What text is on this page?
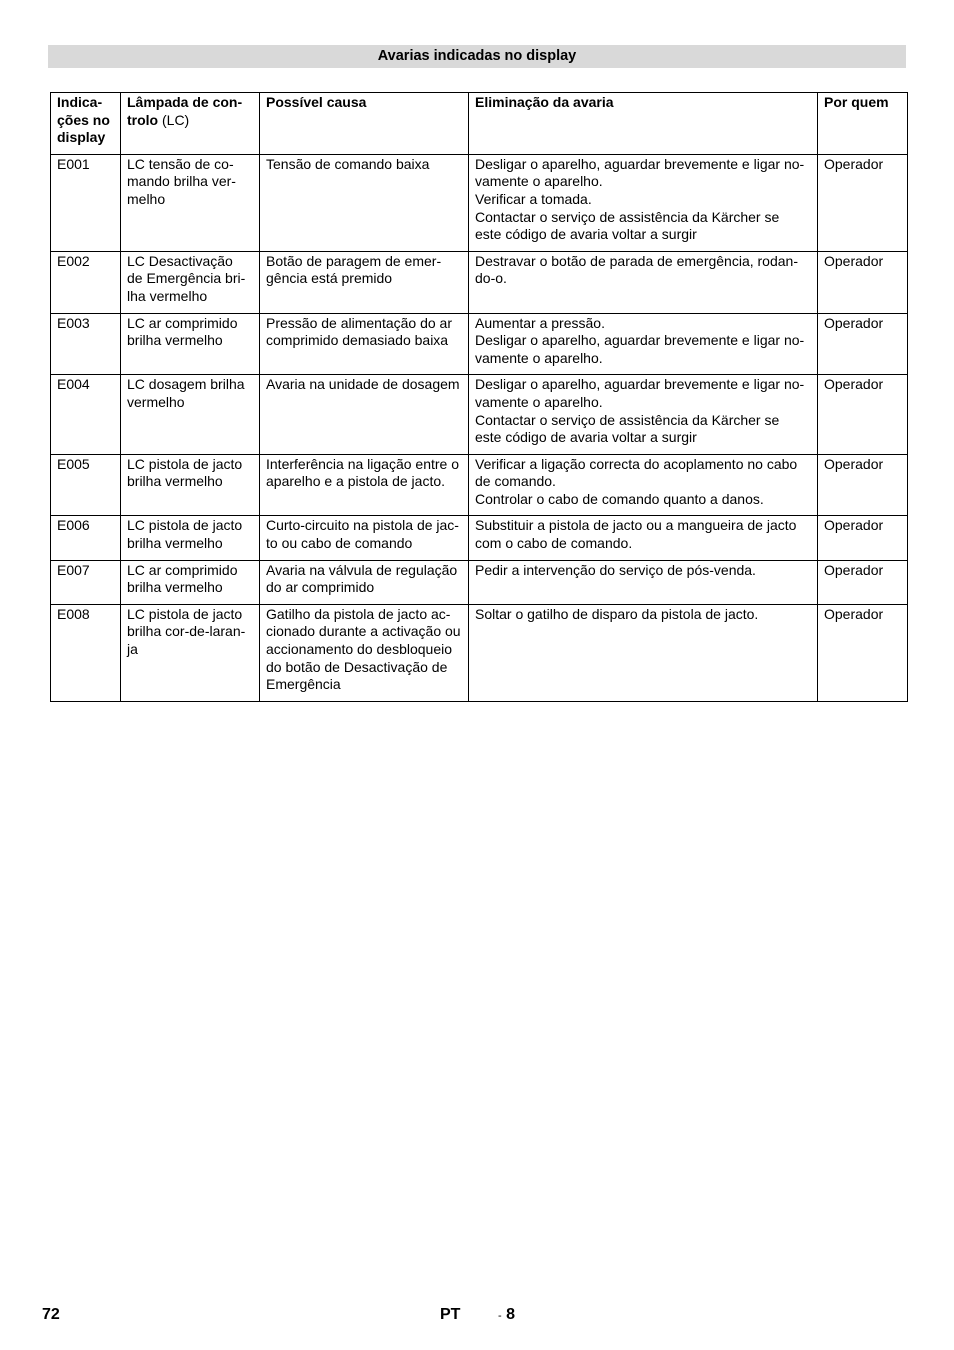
Avarias indicadas no display
Indica-
ções no
display	Lâmpada de con-
trolo (LC)	Possível causa	Eliminação da avaria	Por quem
E001	LC tensão de co-
mando brilha ver-
melho	Tensão de comando baixa	Desligar o aparelho, aguardar brevemente e ligar no-
vamente o aparelho.
Verificar a tomada.
Contactar o serviço de assistência da Kärcher se
este código de avaria voltar a surgir	Operador
E002	LC Desactivação
de Emergência bri-
lha vermelho	Botão de paragem de emer-
gência está premido	Destravar o botão de parada de emergência, rodan-
do-o.	Operador
E003	LC ar comprimido
brilha vermelho	Pressão de alimentação do ar
comprimido demasiado baixa	Aumentar a pressão.
Desligar o aparelho, aguardar brevemente e ligar no-
vamente o aparelho.	Operador
E004	LC dosagem brilha
vermelho	Avaria na unidade de dosagem	Desligar o aparelho, aguardar brevemente e ligar no-
vamente o aparelho.
Contactar o serviço de assistência da Kärcher se
este código de avaria voltar a surgir	Operador
E005	LC pistola de jacto
brilha vermelho	Interferência na ligação entre o
aparelho e a pistola de jacto.	Verificar a ligação correcta do acoplamento no cabo
de comando.
Controlar o cabo de comando quanto a danos.	Operador
E006	LC pistola de jacto
brilha vermelho	Curto-circuito na pistola de jac-
to ou cabo de comando	Substituir a pistola de jacto ou a mangueira de jacto
com o cabo de comando.	Operador
E007	LC ar comprimido
brilha vermelho	Avaria na válvula de regulação
do ar comprimido	Pedir a intervenção do serviço de pós-venda.	Operador
E008	LC pistola de jacto
brilha cor-de-laran-
ja	Gatilho da pistola de jacto ac-
cionado durante a activação ou
accionamento do desbloqueio
do botão de Desactivação de
Emergência	Soltar o gatilho de disparo da pistola de jacto.	Operador
72	PT	- 8
